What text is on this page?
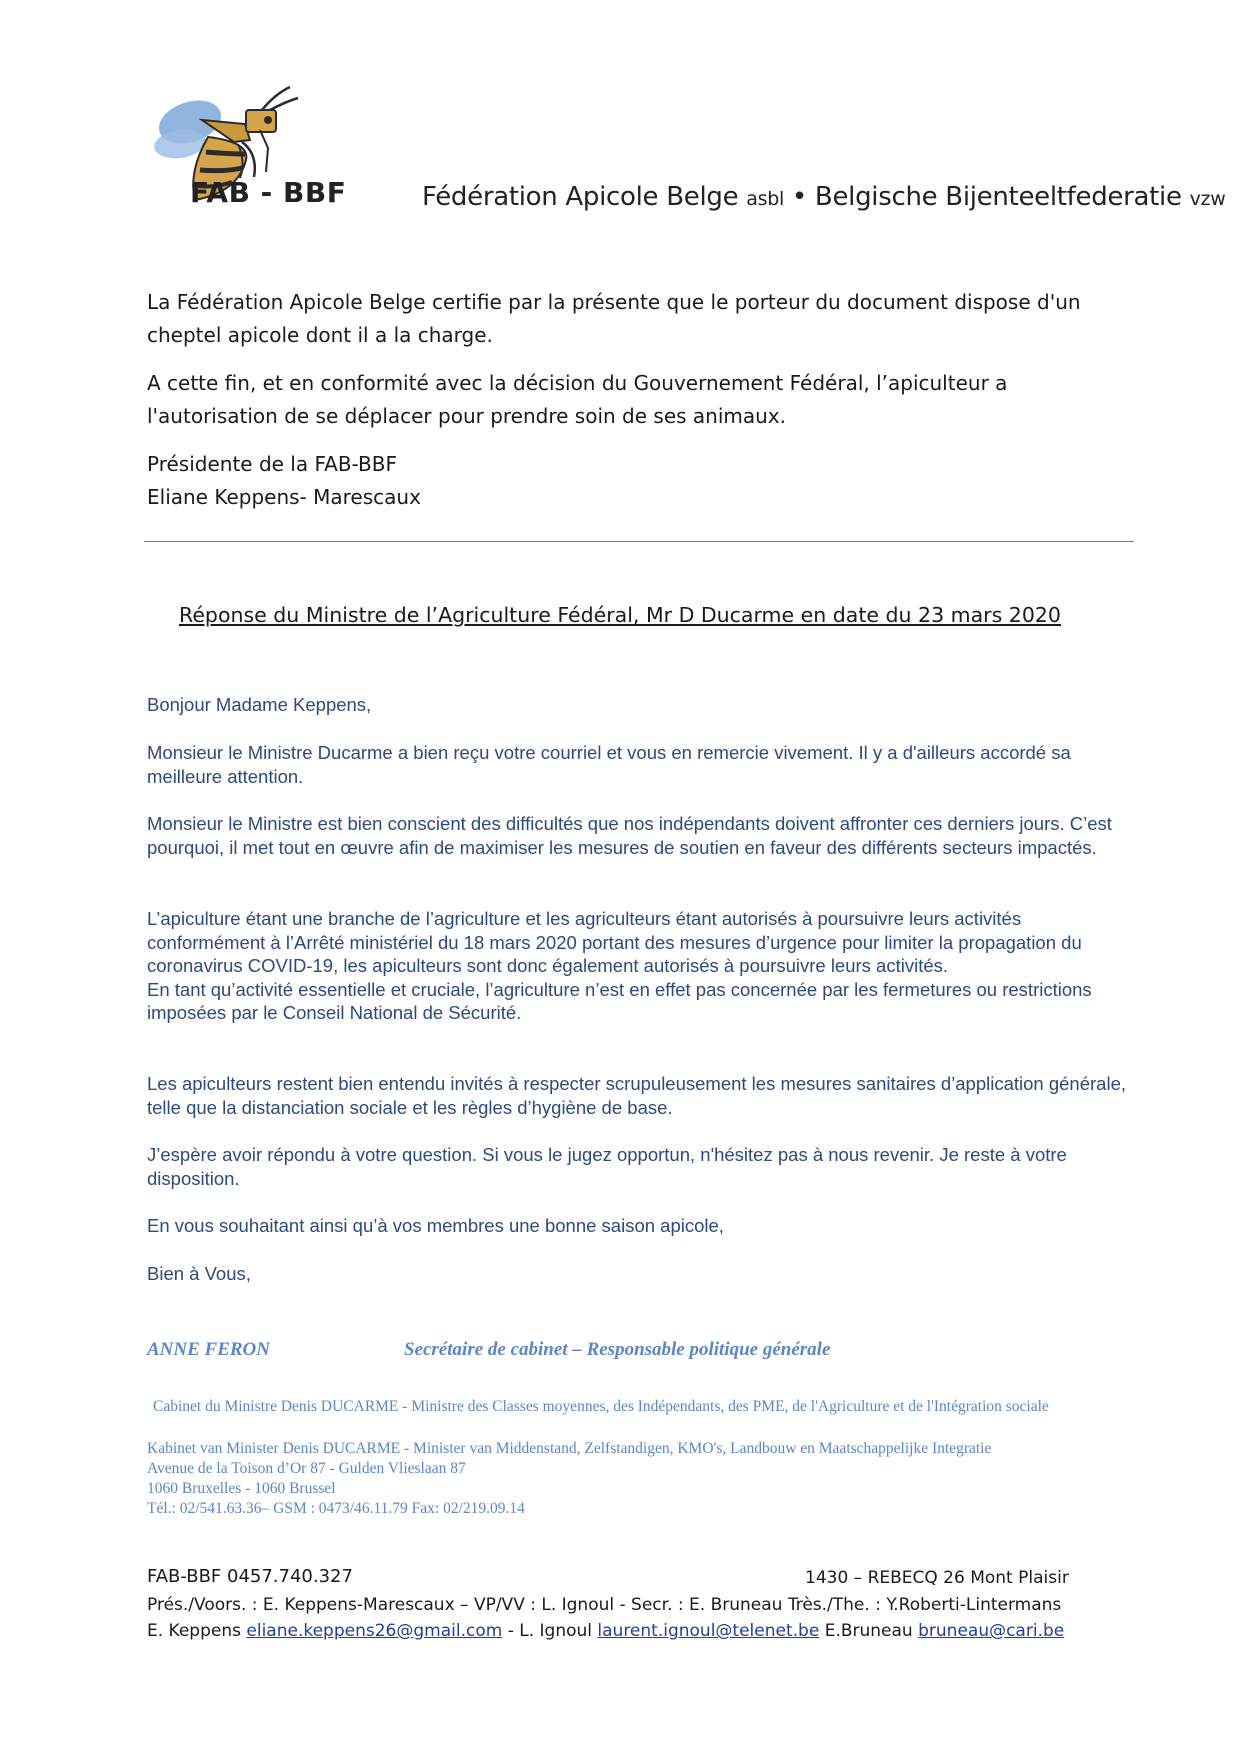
FAB - BBF	Fédération Apicole Belge asbl • Belgische Bijenteeltfederatie vzw
La Fédération Apicole Belge certifie par la présente que le porteur du document dispose d'un cheptel apicole dont il a la charge.
A cette fin, et en conformité avec la décision du Gouvernement Fédéral, l’apiculteur a l'autorisation de se déplacer pour prendre soin de ses animaux.
Présidente de la FAB-BBF
Eliane Keppens- Marescaux
Réponse du Ministre de l’Agriculture Fédéral, Mr D Ducarme en date du 23 mars 2020
Bonjour Madame Keppens,
Monsieur le Ministre Ducarme a bien reçu votre courriel et vous en remercie vivement. Il y a d'ailleurs accordé sa meilleure attention.
Monsieur le Ministre est bien conscient des difficultés que nos indépendants doivent affronter ces derniers jours. C’est pourquoi, il met tout en œuvre afin de maximiser les mesures de soutien en faveur des différents secteurs impactés.
L’apiculture étant une branche de l’agriculture et les agriculteurs étant autorisés à poursuivre leurs activités conformément à l’Arrêté ministériel du 18 mars 2020 portant des mesures d’urgence pour limiter la propagation du coronavirus COVID-19, les apiculteurs sont donc également autorisés à poursuivre leurs activités.
En tant qu’activité essentielle et cruciale, l’agriculture n’est en effet pas concernée par les fermetures ou restrictions imposées par le Conseil National de Sécurité.
Les apiculteurs restent bien entendu invités à respecter scrupuleusement les mesures sanitaires d’application générale, telle que la distanciation sociale et les règles d’hygiène de base.
J’espère avoir répondu à votre question. Si vous le jugez opportun, n'hésitez pas à nous revenir. Je reste à votre disposition.
En vous souhaitant ainsi qu’à vos membres une bonne saison apicole,
Bien à Vous,
ANNE FERON	Secrétaire de cabinet – Responsable politique générale
Cabinet du Ministre Denis DUCARME - Ministre des Classes moyennes, des Indépendants, des PME, de l'Agriculture et de l'Intégration sociale
Kabinet van Minister Denis DUCARME - Minister van Middenstand, Zelfstandigen, KMO's, Landbouw en Maatschappelijke Integratie
Avenue de la Toison d’Or 87 - Gulden Vlieslaan 87
1060 Bruxelles - 1060 Brussel
Tél.: 02/541.63.36– GSM : 0473/46.11.79 Fax: 02/219.09.14
FAB-BBF 0457.740.327	1430 – REBECQ 26 Mont Plaisir
Prés./Voors. : E. Keppens-Marescaux – VP/VV : L. Ignoul - Secr. : E. Bruneau Très./The. : Y.Roberti-Lintermans
E. Keppens eliane.keppens26@gmail.com - L. Ignoul laurent.ignoul@telenet.be E.Bruneau bruneau@cari.be
